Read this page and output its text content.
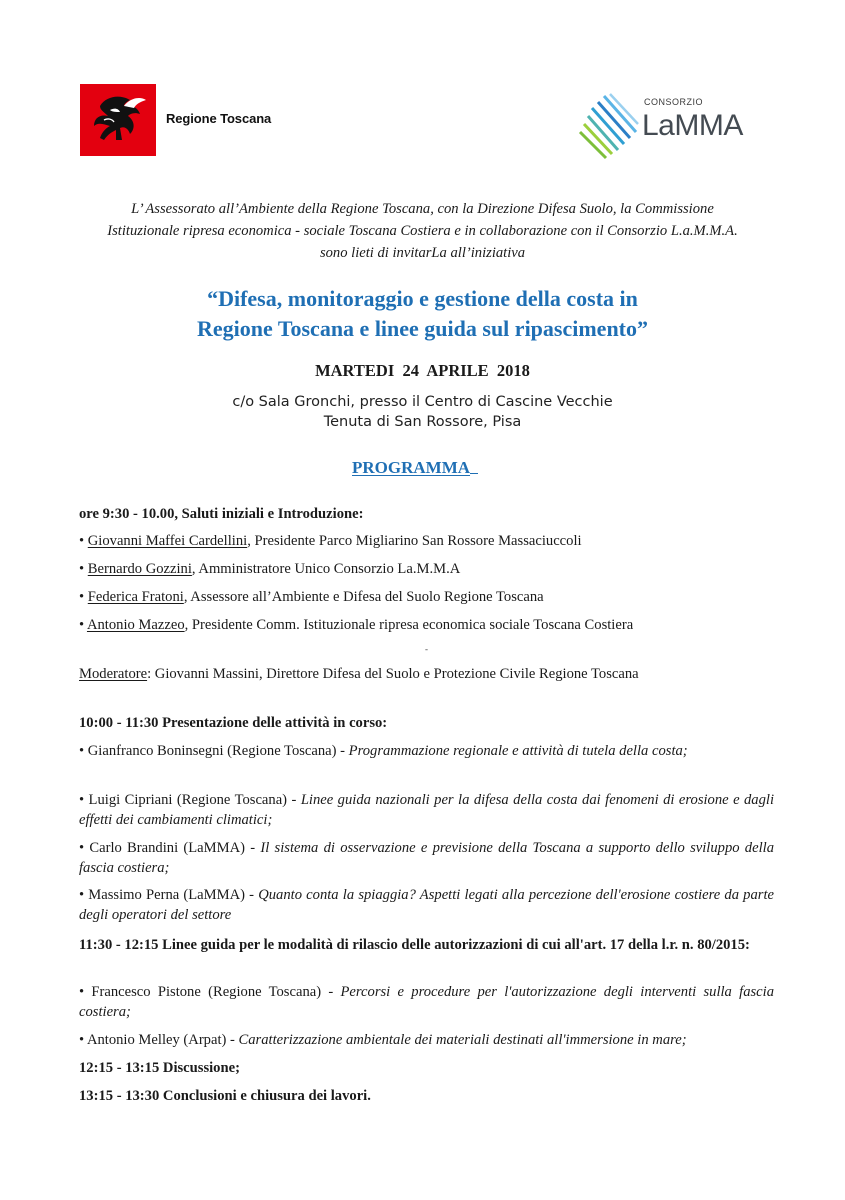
Regione Toscana
CONSORZIO
LaMMA
L’ Assessorato all’Ambiente della Regione Toscana, con la Direzione Difesa Suolo, la Commissione
Istituzionale ripresa economica - sociale Toscana Costiera e in collaborazione con il Consorzio L.a.M.M.A.
sono lieti di invitarLa all’iniziativa
“Difesa, monitoraggio e gestione della costa in
Regione Toscana e linee guida sul ripascimento”
MARTEDI  24  APRILE  2018
c/o Sala Gronchi, presso il Centro di Cascine Vecchie
Tenuta di San Rossore, Pisa
PROGRAMMA
ore 9:30 - 10.00, Saluti iniziali e Introduzione:
• Giovanni Maffei Cardellini, Presidente Parco Migliarino San Rossore Massaciuccoli
• Bernardo Gozzini, Amministratore Unico Consorzio La.M.M.A
• Federica Fratoni, Assessore all’Ambiente e Difesa del Suolo Regione Toscana
• Antonio Mazzeo, Presidente Comm. Istituzionale ripresa economica sociale Toscana Costiera
-
Moderatore: Giovanni Massini, Direttore Difesa del Suolo e Protezione Civile Regione Toscana
10:00 - 11:30 Presentazione delle attività in corso:
• Gianfranco Boninsegni (Regione Toscana) - Programmazione regionale e attività di tutela della costa;
• Luigi Cipriani (Regione Toscana) - Linee guida nazionali per la difesa della costa dai fenomeni di erosione e dagli effetti dei cambiamenti climatici;
• Carlo Brandini (LaMMA) - Il sistema di osservazione e previsione della Toscana a supporto dello sviluppo della fascia costiera;
• Massimo Perna (LaMMA) - Quanto conta la spiaggia? Aspetti legati alla percezione dell'erosione costiere da parte degli operatori del settore
11:30 - 12:15 Linee guida per le modalità di rilascio delle autorizzazioni di cui all'art. 17 della l.r. n. 80/2015:
• Francesco Pistone (Regione Toscana) - Percorsi e procedure per l'autorizzazione degli interventi sulla fascia costiera;
• Antonio Melley (Arpat) - Caratterizzazione ambientale dei materiali destinati all'immersione in mare;
12:15 - 13:15 Discussione;
13:15 - 13:30 Conclusioni e chiusura dei lavori.
